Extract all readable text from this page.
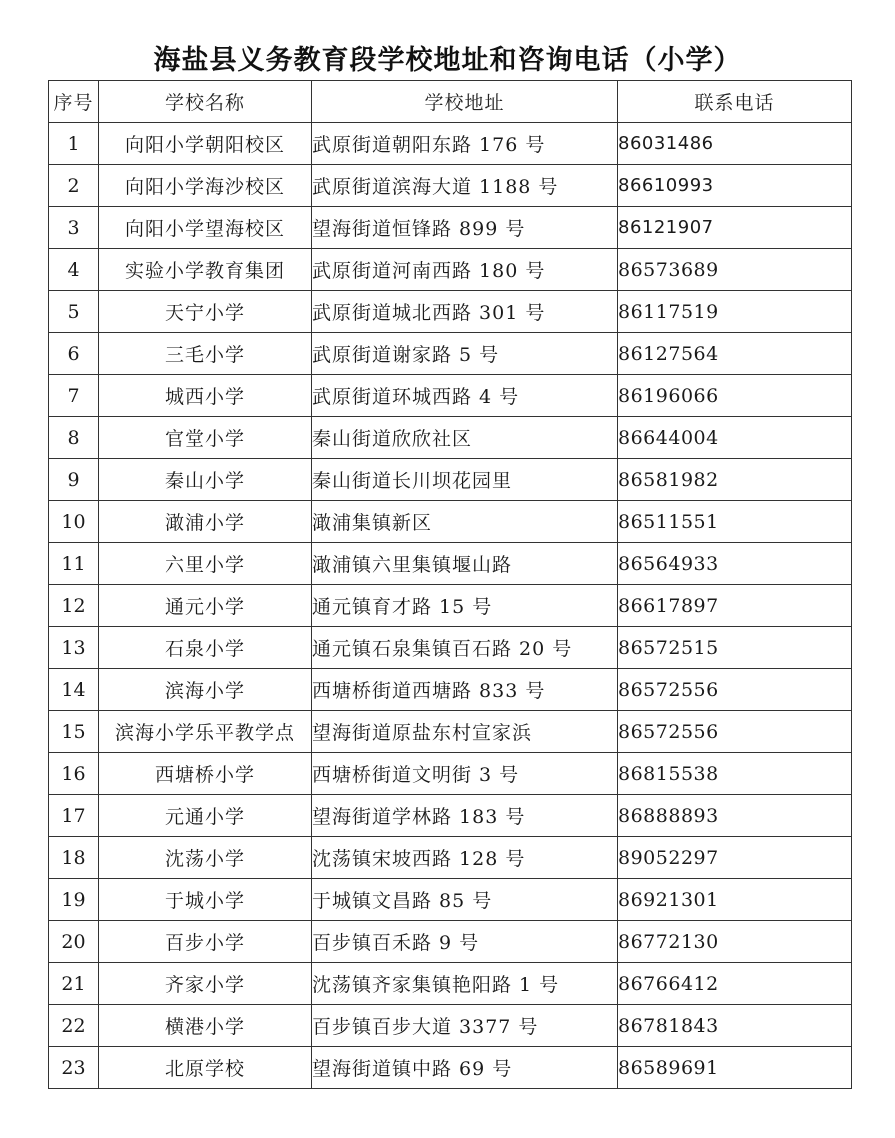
海盐县义务教育段学校地址和咨询电话（小学）
序号	学校名称	学校地址	联系电话
1	向阳小学朝阳校区	武原街道朝阳东路 176 号	86031486
2	向阳小学海沙校区	武原街道滨海大道 1188 号	86610993
3	向阳小学望海校区	望海街道恒锋路 899 号	86121907
4	实验小学教育集团	武原街道河南西路 180 号	86573689
5	天宁小学	武原街道城北西路 301 号	86117519
6	三毛小学	武原街道谢家路 5 号	86127564
7	城西小学	武原街道环城西路 4 号	86196066
8	官堂小学	秦山街道欣欣社区	86644004
9	秦山小学	秦山街道长川坝花园里	86581982
10	澉浦小学	澉浦集镇新区	86511551
11	六里小学	澉浦镇六里集镇堰山路	86564933
12	通元小学	通元镇育才路 15 号	86617897
13	石泉小学	通元镇石泉集镇百石路 20 号	86572515
14	滨海小学	西塘桥街道西塘路 833 号	86572556
15	滨海小学乐平教学点	望海街道原盐东村宣家浜	86572556
16	西塘桥小学	西塘桥街道文明街 3 号	86815538
17	元通小学	望海街道学林路 183 号	86888893
18	沈荡小学	沈荡镇宋坡西路 128 号	89052297
19	于城小学	于城镇文昌路 85 号	86921301
20	百步小学	百步镇百禾路 9 号	86772130
21	齐家小学	沈荡镇齐家集镇艳阳路 1 号	86766412
22	横港小学	百步镇百步大道 3377 号	86781843
23	北原学校	望海街道镇中路 69 号	86589691
